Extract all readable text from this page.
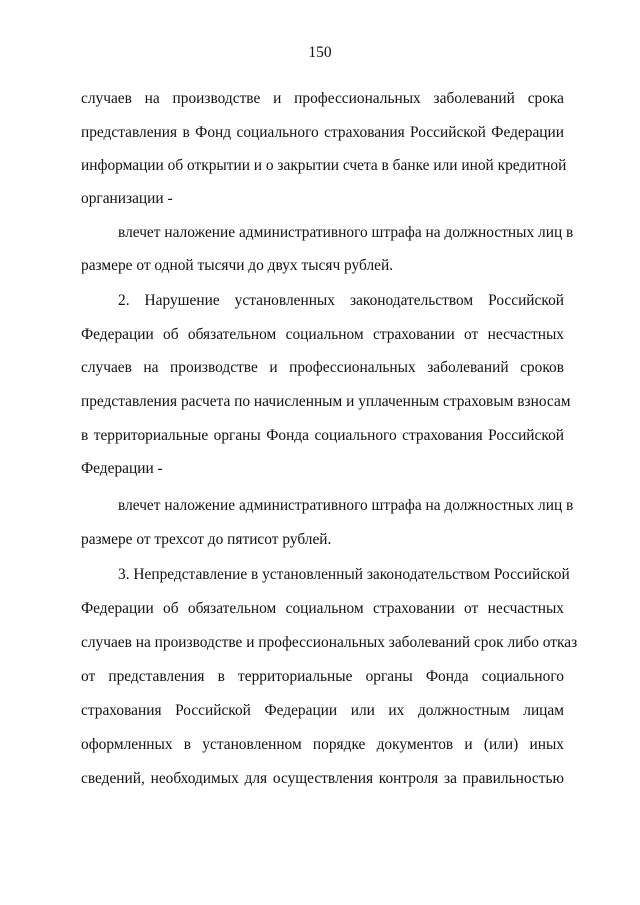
150
случаев на производстве и профессиональных заболеваний срока
представления в Фонд социального страхования Российской Федерации
информации об открытии и о закрытии счета в банке или иной кредитной
организации -
влечет наложение административного штрафа на должностных лиц в
размере от одной тысячи до двух тысяч рублей.
2. Нарушение установленных законодательством Российской
Федерации об обязательном социальном страховании от несчастных
случаев на производстве и профессиональных заболеваний сроков
представления расчета по начисленным и уплаченным страховым взносам
в территориальные органы Фонда социального страхования Российской
Федерации -
влечет наложение административного штрафа на должностных лиц в
размере от трехсот до пятисот рублей.
3. Непредставление в установленный законодательством Российской
Федерации об обязательном социальном страховании от несчастных
случаев на производстве и профессиональных заболеваний срок либо отказ
от представления в территориальные органы Фонда социального
страхования Российской Федерации или их должностным лицам
оформленных в установленном порядке документов и (или) иных
сведений, необходимых для осуществления контроля за правильностью
